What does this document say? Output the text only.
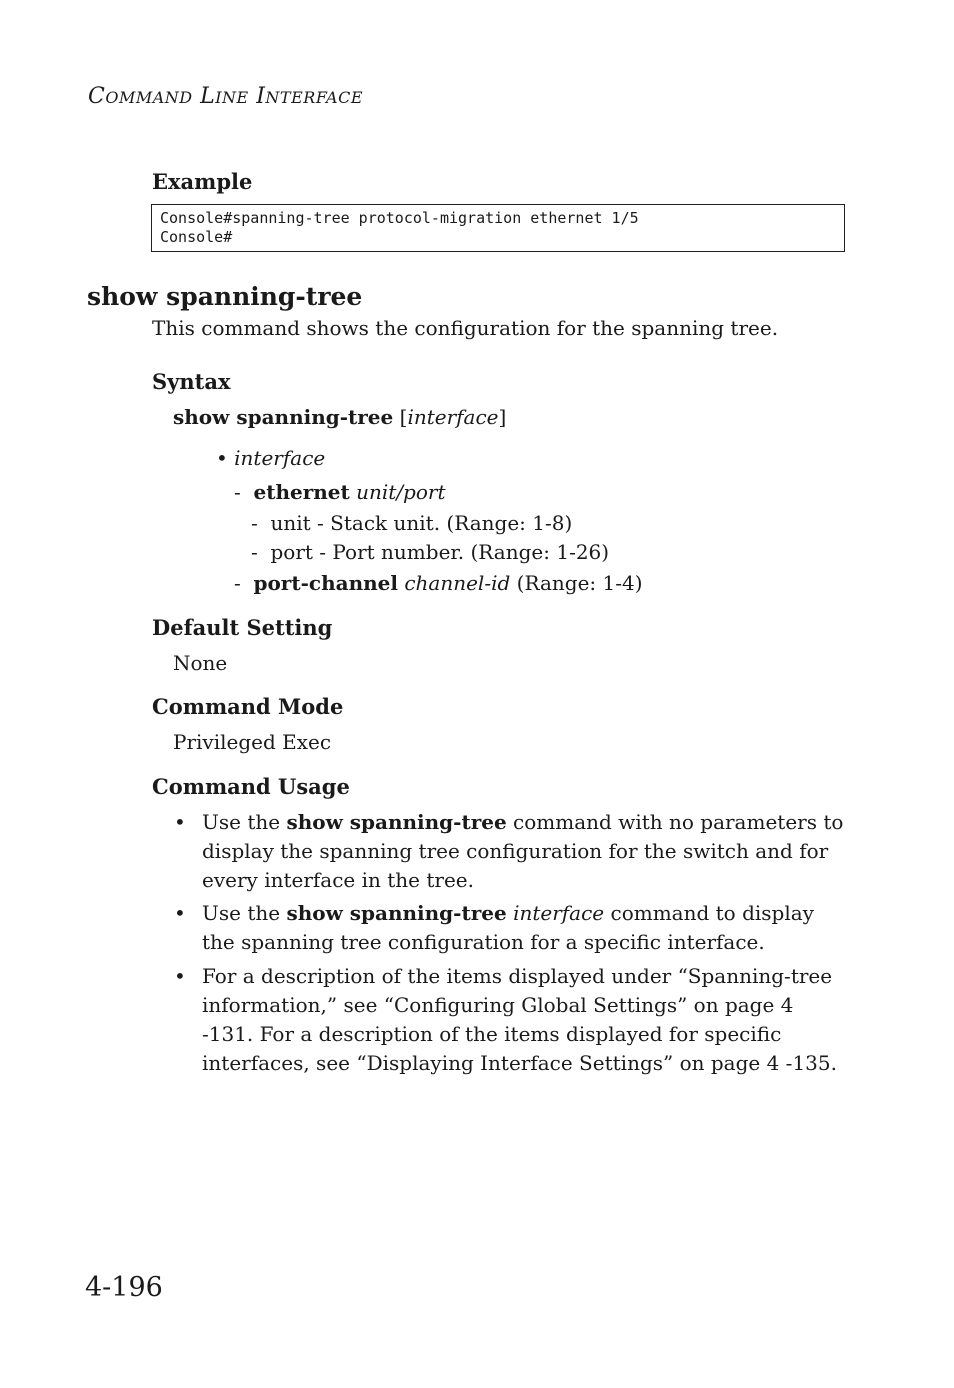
COMMAND LINE INTERFACE
Example
Console#spanning-tree protocol-migration ethernet 1/5
Console#
show spanning-tree
This command shows the configuration for the spanning tree.
Syntax
show spanning-tree [interface]
• interface
- ethernet unit/port
- unit - Stack unit. (Range: 1-8)
- port - Port number. (Range: 1-26)
- port-channel channel-id (Range: 1-4)
Default Setting
None
Command Mode
Privileged Exec
Command Usage
• Use the show spanning-tree command with no parameters to display the spanning tree configuration for the switch and for every interface in the tree.
• Use the show spanning-tree interface command to display the spanning tree configuration for a specific interface.
• For a description of the items displayed under “Spanning-tree information,” see “Configuring Global Settings” on page 4 -131. For a description of the items displayed for specific interfaces, see “Displaying Interface Settings” on page 4 -135.
4-196
